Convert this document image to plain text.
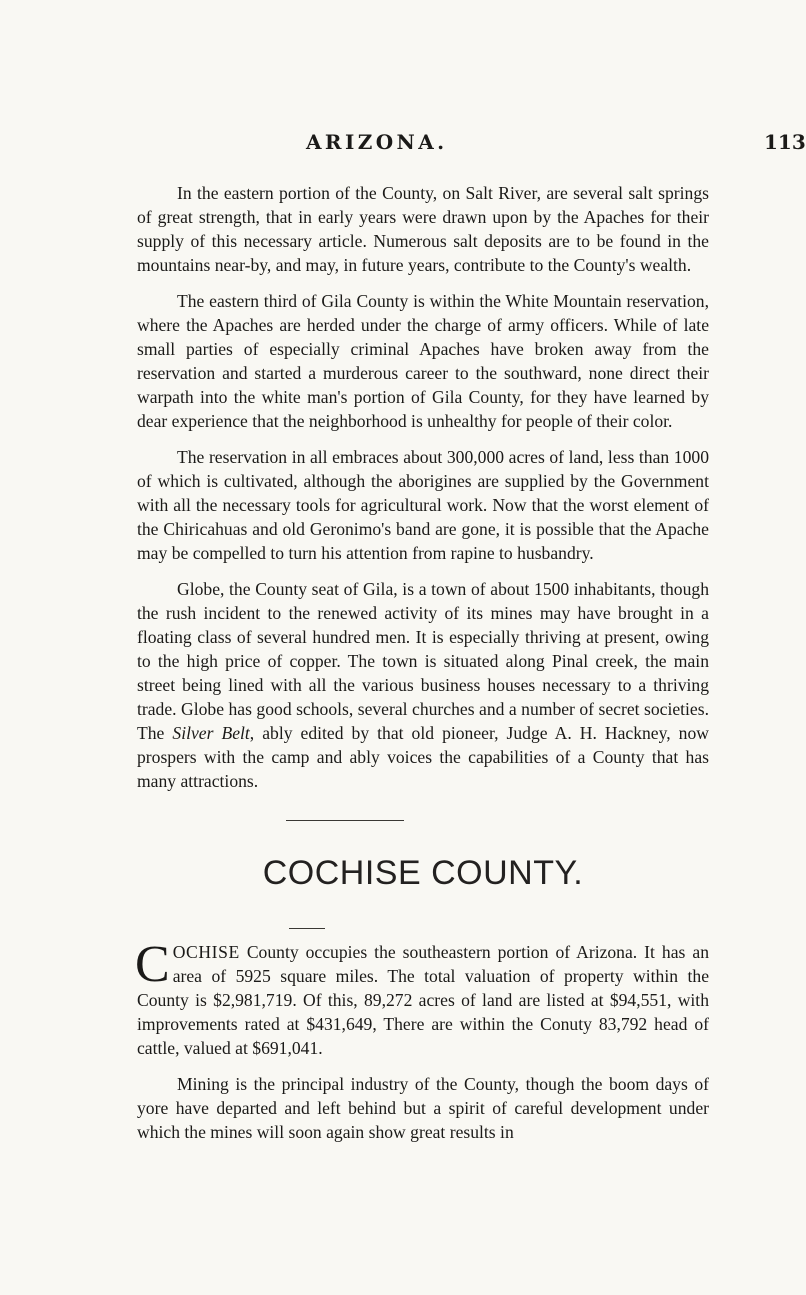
ARIZONA.	113

In the eastern portion of the County, on Salt River, are several salt springs of great strength, that in early years were drawn upon by the Apaches for their supply of this necessary article. Numerous salt deposits are to be found in the mountains near-by, and may, in future years, contribute to the County's wealth.

The eastern third of Gila County is within the White Mountain reservation, where the Apaches are herded under the charge of army officers. While of late small parties of especially criminal Apaches have broken away from the reservation and started a murderous career to the southward, none direct their warpath into the white man's portion of Gila County, for they have learned by dear experience that the neighborhood is unhealthy for people of their color.

The reservation in all embraces about 300,000 acres of land, less than 1000 of which is cultivated, although the aborigines are supplied by the Government with all the necessary tools for agricultural work. Now that the worst element of the Chiricahuas and old Geronimo's band are gone, it is possible that the Apache may be compelled to turn his attention from rapine to husbandry.

Globe, the County seat of Gila, is a town of about 1500 inhabitants, though the rush incident to the renewed activity of its mines may have brought in a floating class of several hundred men. It is especially thriving at present, owing to the high price of copper. The town is situated along Pinal creek, the main street being lined with all the various business houses necessary to a thriving trade. Globe has good schools, several churches and a number of secret societies. The Silver Belt, ably edited by that old pioneer, Judge A. H. Hackney, now prospers with the camp and ably voices the capabilities of a County that has many attractions.

COCHISE COUNTY.

COCHISE County occupies the southeastern portion of Arizona. It has an area of 5925 square miles. The total valuation of property within the County is $2,981,719. Of this, 89,272 acres of land are listed at $94,551, with improvements rated at $431,649, There are within the Conuty 83,792 head of cattle, valued at $691,041.

Mining is the principal industry of the County, though the boom days of yore have departed and left behind but a spirit of careful development under which the mines will soon again show great results in
